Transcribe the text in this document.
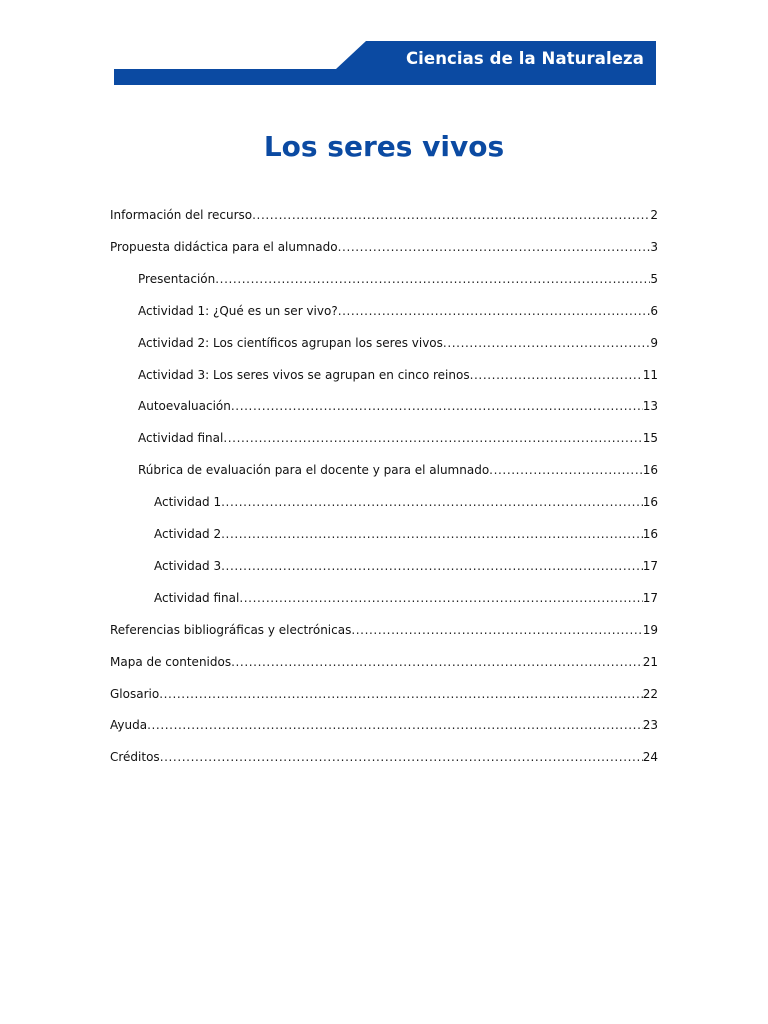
Ciencias de la Naturaleza
Los seres vivos
Información del recurso .....	2
Propuesta didáctica para el alumnado .....	3
Presentación .....	5
Actividad 1: ¿Qué es un ser vivo? .....	6
Actividad 2: Los científicos agrupan los seres vivos .....	9
Actividad 3: Los seres vivos se agrupan en cinco reinos .....	11
Autoevaluación .....	13
Actividad final .....	15
Rúbrica de evaluación para el docente y para el alumnado .....	16
Actividad 1 .....	16
Actividad 2 .....	16
Actividad 3 .....	17
Actividad final .....	17
Referencias bibliográficas y electrónicas .....	19
Mapa de contenidos .....	21
Glosario .....	22
Ayuda .....	23
Créditos .....	24
